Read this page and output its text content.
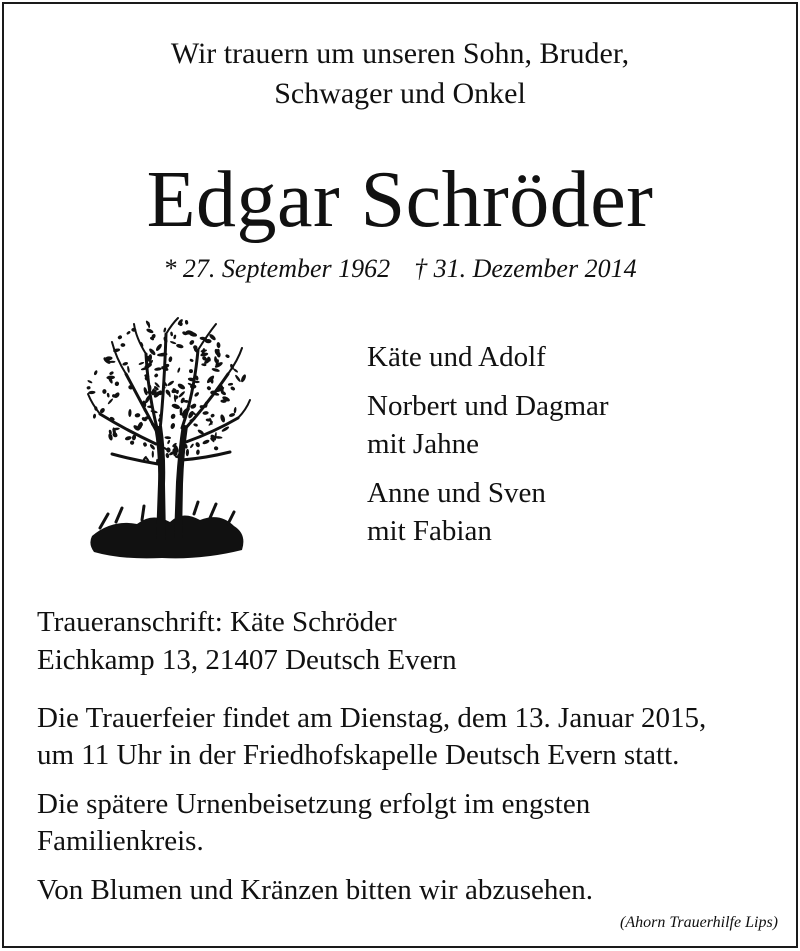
Wir trauern um unseren Sohn, Bruder,
Schwager und Onkel
Edgar Schröder
* 27. September 1962 † 31. Dezember 2014
Käte und Adolf
Norbert und Dagmar
mit Jahne
Anne und Sven
mit Fabian
Traueranschrift: Käte Schröder
Eichkamp 13, 21407 Deutsch Evern

Die Trauerfeier findet am Dienstag, dem 13. Januar 2015,
um 11 Uhr in der Friedhofskapelle Deutsch Evern statt.

Die spätere Urnenbeisetzung erfolgt im engsten
Familienkreis.

Von Blumen und Kränzen bitten wir abzusehen.

(Ahorn Trauerhilfe Lips)
